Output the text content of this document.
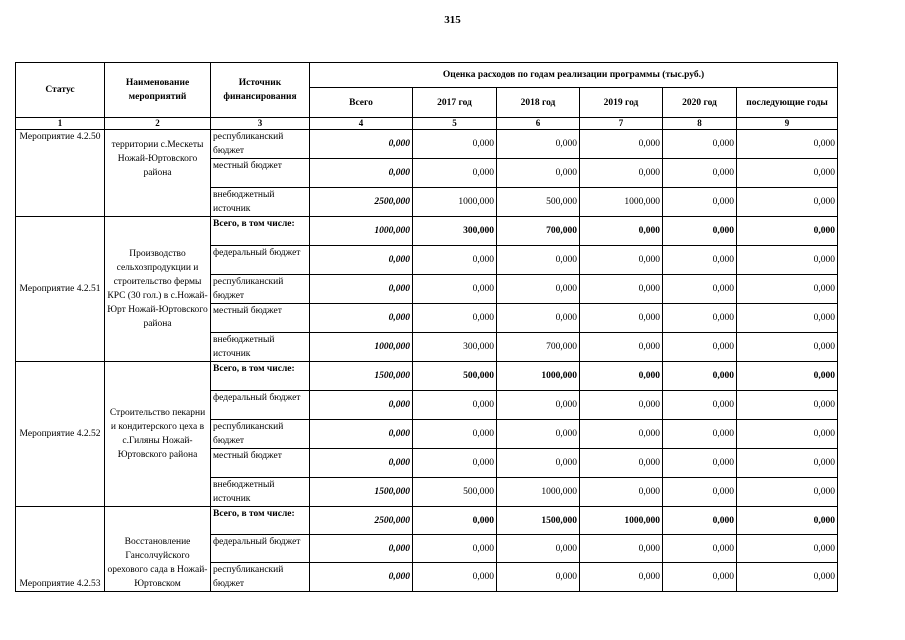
315
Статус	Наименование мероприятий	Источник финансирования	Оценка расходов по годам реализации программы (тыс.руб.)					
			Всего	2017 год	2018 год	2019 год	2020 год	последующие годы
1	2	3	4	5	6	7	8	9
Мероприятие 4.2.50	территории с.Мескеты Ножай-Юртовского района	республиканский бюджет	0,000	0,000	0,000	0,000	0,000	0,000
		местный бюджет	0,000	0,000	0,000	0,000	0,000	0,000
		внебюджетный источник	2500,000	1000,000	500,000	1000,000	0,000	0,000
Мероприятие 4.2.51	Производство сельхозпродукции и строительство фермы КРС (30 гол.) в с.Ножай-Юрт Ножай-Юртовского района	Всего, в том числе:	1000,000	300,000	700,000	0,000	0,000	0,000
		федеральный бюджет	0,000	0,000	0,000	0,000	0,000	0,000
		республиканский бюджет	0,000	0,000	0,000	0,000	0,000	0,000
		местный бюджет	0,000	0,000	0,000	0,000	0,000	0,000
		внебюджетный источник	1000,000	300,000	700,000	0,000	0,000	0,000
Мероприятие 4.2.52	Строительство пекарни и кондитерского цеха в с.Гиляны Ножай-Юртовского района	Всего, в том числе:	1500,000	500,000	1000,000	0,000	0,000	0,000
		федеральный бюджет	0,000	0,000	0,000	0,000	0,000	0,000
		республиканский бюджет	0,000	0,000	0,000	0,000	0,000	0,000
		местный бюджет	0,000	0,000	0,000	0,000	0,000	0,000
		внебюджетный источник	1500,000	500,000	1000,000	0,000	0,000	0,000
Мероприятие 4.2.53	Восстановление Гансолчуйского орехового сада в Ножай-Юртовском	Всего, в том числе:	2500,000	0,000	1500,000	1000,000	0,000	0,000
		федеральный бюджет	0,000	0,000	0,000	0,000	0,000	0,000
		республиканский бюджет	0,000	0,000	0,000	0,000	0,000	0,000
